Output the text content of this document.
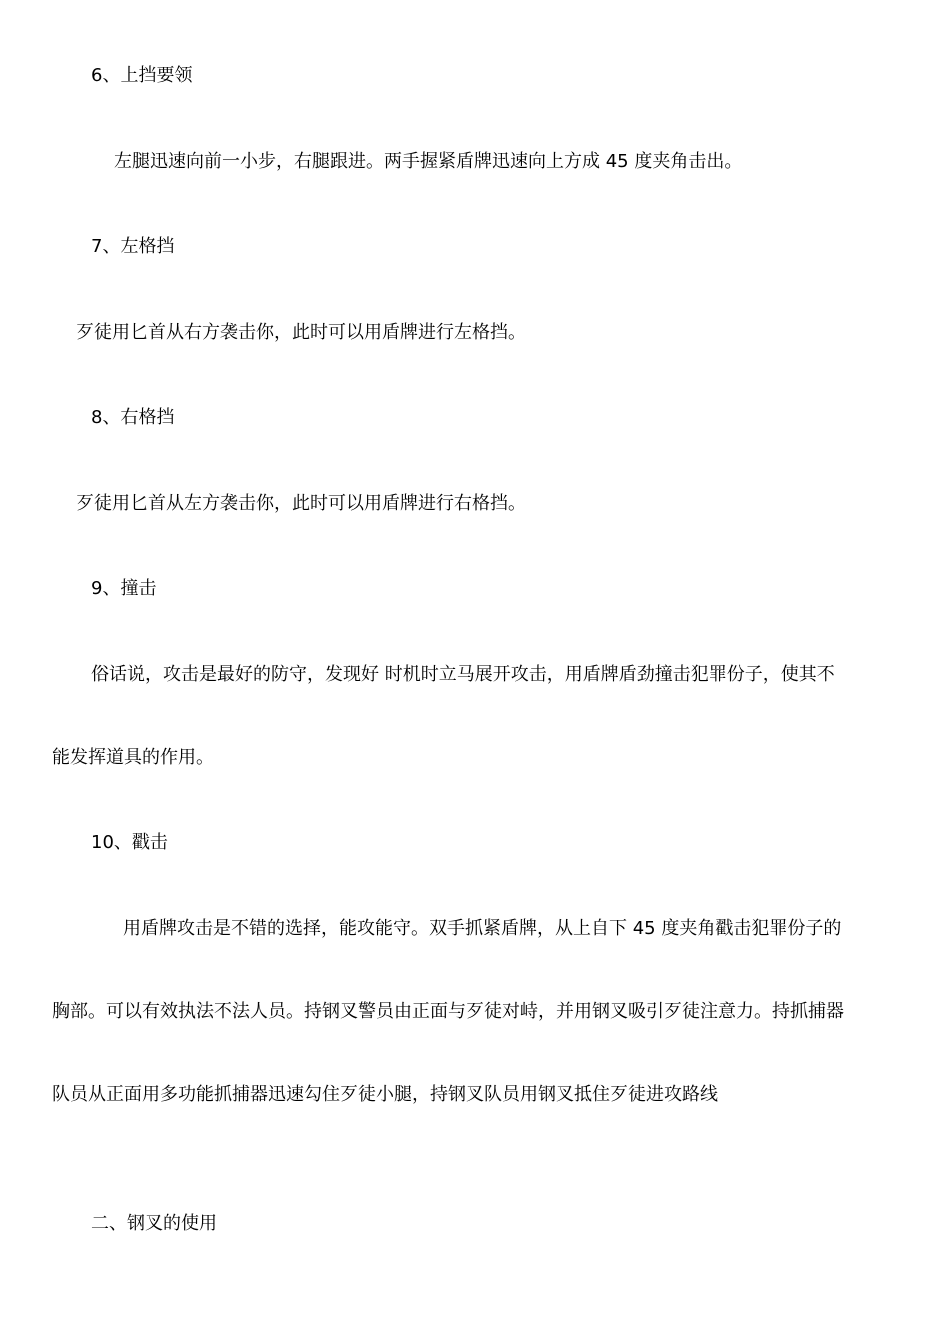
6、上挡要领

左腿迅速向前一小步，右腿跟进。两手握紧盾牌迅速向上方成 45 度夹角击出。

7、左格挡

歹徒用匕首从右方袭击你，此时可以用盾牌进行左格挡。

8、右格挡

歹徒用匕首从左方袭击你，此时可以用盾牌进行右格挡。

9、撞击

俗话说，攻击是最好的防守，发现好 时机时立马展开攻击，用盾牌盾劲撞击犯罪份子，使其不

能发挥道具的作用。

10、戳击

用盾牌攻击是不错的选择，能攻能守。双手抓紧盾牌，从上自下 45 度夹角戳击犯罪份子的

胸部。可以有效执法不法人员。持钢叉警员由正面与歹徒对峙，并用钢叉吸引歹徒注意力。持抓捕器

队员从正面用多功能抓捕器迅速勾住歹徒小腿，持钢叉队员用钢叉抵住歹徒进攻路线

二、钢叉的使用
